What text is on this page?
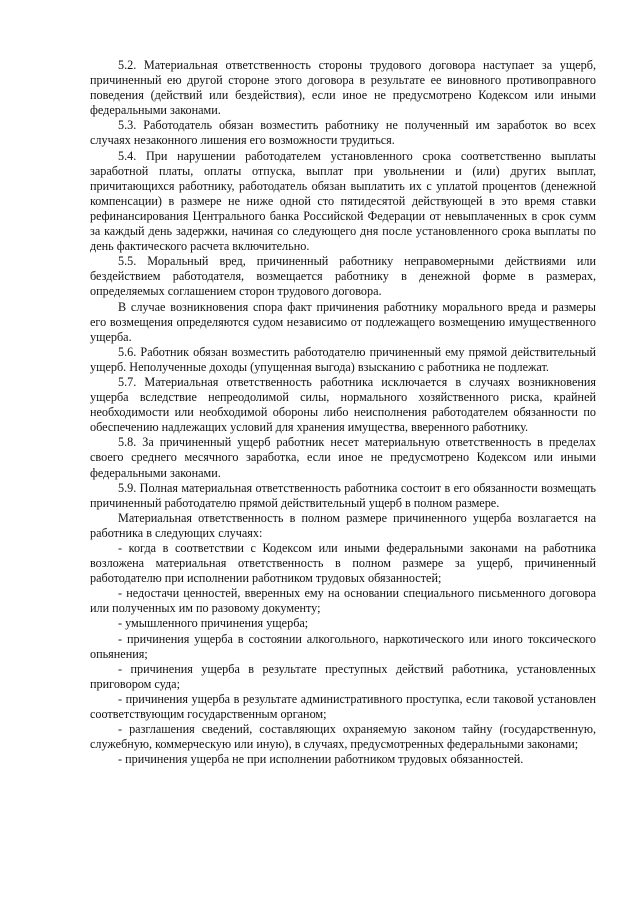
5.2. Материальная ответственность стороны трудового договора наступает за ущерб, причиненный ею другой стороне этого договора в результате ее виновного противоправного поведения (действий или бездействия), если иное не предусмотрено Кодексом или иными федеральными законами.

5.3. Работодатель обязан возместить работнику не полученный им заработок во всех случаях незаконного лишения его возможности трудиться.

5.4. При нарушении работодателем установленного срока соответственно выплаты заработной платы, оплаты отпуска, выплат при увольнении и (или) других выплат, причитающихся работнику, работодатель обязан выплатить их с уплатой процентов (денежной компенсации) в размере не ниже одной сто пятидесятой действующей в это время ставки рефинансирования Центрального банка Российской Федерации от невыплаченных в срок сумм за каждый день задержки, начиная со следующего дня после установленного срока выплаты по день фактического расчета включительно.

5.5. Моральный вред, причиненный работнику неправомерными действиями или бездействием работодателя, возмещается работнику в денежной форме в размерах, определяемых соглашением сторон трудового договора.

В случае возникновения спора факт причинения работнику морального вреда и размеры его возмещения определяются судом независимо от подлежащего возмещению имущественного ущерба.

5.6. Работник обязан возместить работодателю причиненный ему прямой действительный ущерб. Неполученные доходы (упущенная выгода) взысканию с работника не подлежат.

5.7. Материальная ответственность работника исключается в случаях возникновения ущерба вследствие непреодолимой силы, нормального хозяйственного риска, крайней необходимости или необходимой обороны либо неисполнения работодателем обязанности по обеспечению надлежащих условий для хранения имущества, вверенного работнику.

5.8. За причиненный ущерб работник несет материальную ответственность в пределах своего среднего месячного заработка, если иное не предусмотрено Кодексом или иными федеральными законами.

5.9. Полная материальная ответственность работника состоит в его обязанности возмещать причиненный работодателю прямой действительный ущерб в полном размере.

Материальная ответственность в полном размере причиненного ущерба возлагается на работника в следующих случаях:

- когда в соответствии с Кодексом или иными федеральными законами на работника возложена материальная ответственность в полном размере за ущерб, причиненный работодателю при исполнении работником трудовых обязанностей;

- недостачи ценностей, вверенных ему на основании специального письменного договора или полученных им по разовому документу;

- умышленного причинения ущерба;

- причинения ущерба в состоянии алкогольного, наркотического или иного токсического опьянения;

- причинения ущерба в результате преступных действий работника, установленных приговором суда;

- причинения ущерба в результате административного проступка, если таковой установлен соответствующим государственным органом;

- разглашения сведений, составляющих охраняемую законом тайну (государственную, служебную, коммерческую или иную), в случаях, предусмотренных федеральными законами;

- причинения ущерба не при исполнении работником трудовых обязанностей.
